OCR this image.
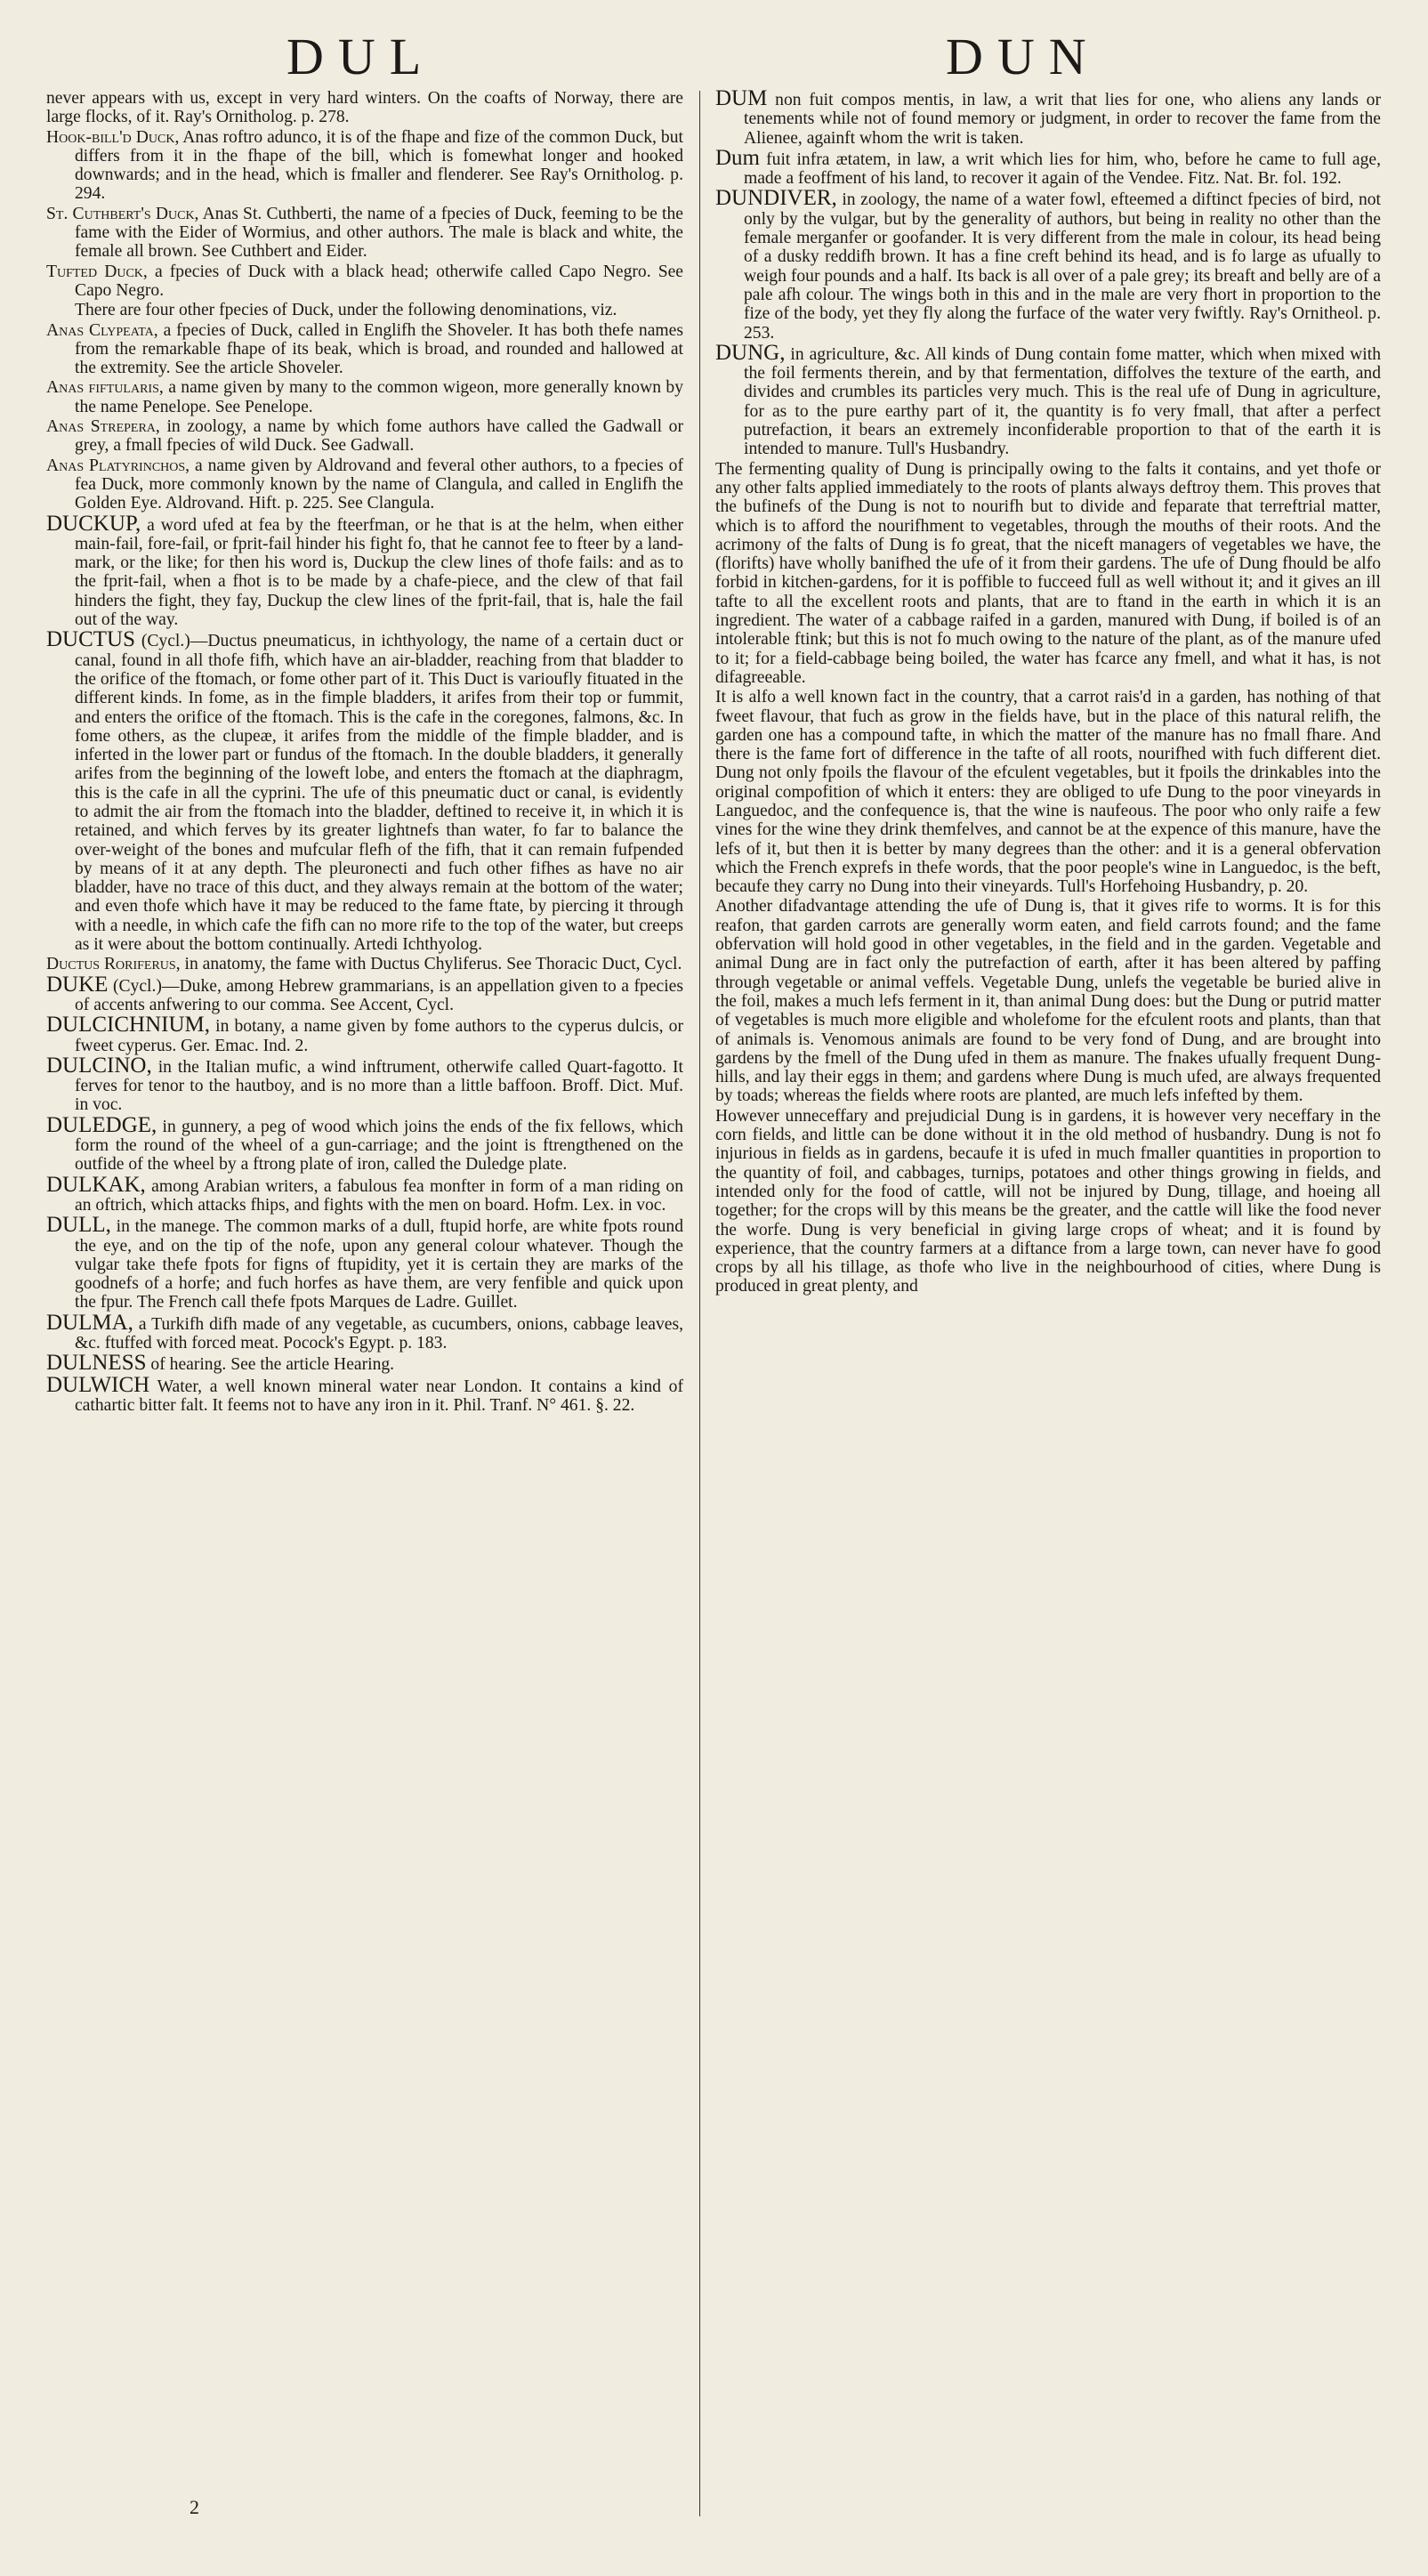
DUL	DUN

never appears with us, except in very hard winters. On the coafts of Norway, there are large flocks, of it. Ray's Ornitholog. p. 278.

Hook-bill'd Duck, Anas roftro adunco, it is of the fhape and fize of the common Duck, but differs from it in the fhape of the bill, which is fomewhat longer and hooked downwards; and in the head, which is fmaller and flenderer. See Ray's Ornitholog. p. 294.

St. Cuthbert's Duck, Anas St. Cuthberti, the name of a fpecies of Duck, feeming to be the fame with the Eider of Wormius, and other authors. The male is black and white, the female all brown. See Cuthbert and Eider.

Tufted Duck, a fpecies of Duck with a black head; otherwife called Capo Negro. See Capo Negro.

There are four other fpecies of Duck, under the following denominations, viz.

Anas Clypeata, a fpecies of Duck, called in Englifh the Shoveler. It has both thefe names from the remarkable fhape of its beak, which is broad, and rounded and hallowed at the extremity. See the article Shoveler.

Anas fiftularis, a name given by many to the common wigeon, more generally known by the name Penelope. See Penelope.

Anas Strepera, in zoology, a name by which fome authors have called the Gadwall or grey, a fmall fpecies of wild Duck. See Gadwall.

Anas Platyrinchos, a name given by Aldrovand and feveral other authors, to a fpecies of fea Duck, more commonly known by the name of Clangula, and called in Englifh the Golden Eye. Aldrovand. Hift. p. 225. See Clangula.

DUCKUP, a word ufed at fea by the fteerfman, or he that is at the helm, when either main-fail, fore-fail, or fprit-fail hinder his fight fo, that he cannot fee to fteer by a land-mark, or the like; for then his word is, Duckup the clew lines of thofe fails: and as to the fprit-fail, when a fhot is to be made by a chafe-piece, and the clew of that fail hinders the fight, they fay, Duckup the clew lines of the fprit-fail, that is, hale the fail out of the way.

DUCTUS (Cycl.)—Ductus pneumaticus, in ichthyology, the name of a certain duct or canal, found in all thofe fifh, which have an air-bladder, reaching from that bladder to the orifice of the ftomach, or fome other part of it. This Duct is varioufly fituated in the different kinds. In fome, as in the fimple bladders, it arifes from their top or fummit, and enters the orifice of the ftomach. This is the cafe in the coregones, falmons, &c. In fome others, as the clupeæ, it arifes from the middle of the fimple bladder, and is inferted in the lower part or fundus of the ftomach. In the double bladders, it generally arifes from the beginning of the loweft lobe, and enters the ftomach at the diaphragm, this is the cafe in all the cyprini. The ufe of this pneumatic duct or canal, is evidently to admit the air from the ftomach into the bladder, deftined to receive it, in which it is retained, and which ferves by its greater lightnefs than water, fo far to balance the over-weight of the bones and mufcular flefh of the fifh, that it can remain fufpended by means of it at any depth. The pleuronecti and fuch other fifhes as have no air bladder, have no trace of this duct, and they always remain at the bottom of the water; and even thofe which have it may be reduced to the fame ftate, by piercing it through with a needle, in which cafe the fifh can no more rife to the top of the water, but creeps as it were about the bottom continually. Artedi Ichthyolog.

Ductus Roriferus, in anatomy, the fame with Ductus Chyliferus. See Thoracic Duct, Cycl.

DUKE (Cycl.)—Duke, among Hebrew grammarians, is an appellation given to a fpecies of accents anfwering to our comma. See Accent, Cycl.

DULCICHNIUM, in botany, a name given by fome authors to the cyperus dulcis, or fweet cyperus. Ger. Emac. Ind. 2.

DULCINO, in the Italian mufic, a wind inftrument, otherwife called Quart-fagotto. It ferves for tenor to the hautboy, and is no more than a little baffoon. Broff. Dict. Muf. in voc.

DULEDGE, in gunnery, a peg of wood which joins the ends of the fix fellows, which form the round of the wheel of a gun-carriage; and the joint is ftrengthened on the outfide of the wheel by a ftrong plate of iron, called the Duledge plate.

DULKAK, among Arabian writers, a fabulous fea monfter in form of a man riding on an oftrich, which attacks fhips, and fights with the men on board. Hofm. Lex. in voc.

DULL, in the manege. The common marks of a dull, ftupid horfe, are white fpots round the eye, and on the tip of the nofe, upon any general colour whatever. Though the vulgar take thefe fpots for figns of ftupidity, yet it is certain they are marks of the goodnefs of a horfe; and fuch horfes as have them, are very fenfible and quick upon the fpur. The French call thefe fpots Marques de Ladre. Guillet.

DULMA, a Turkifh difh made of any vegetable, as cucumbers, onions, cabbage leaves, &c. ftuffed with forced meat. Pocock's Egypt. p. 183.

DULNESS of hearing. See the article Hearing.

DULWICH Water, a well known mineral water near London. It contains a kind of cathartic bitter falt. It feems not to have any iron in it. Phil. Tranf. N° 461. §. 22.

DUM non fuit compos mentis, in law, a writ that lies for one, who aliens any lands or tenements while not of found memory or judgment, in order to recover the fame from the Alienee, againft whom the writ is taken.

Dum fuit infra ætatem, in law, a writ which lies for him, who, before he came to full age, made a feoffment of his land, to recover it again of the Vendee. Fitz. Nat. Br. fol. 192.

DUNDIVER, in zoology, the name of a water fowl, efteemed a diftinct fpecies of bird, not only by the vulgar, but by the generality of authors, but being in reality no other than the female merganfer or goofander. It is very different from the male in colour, its head being of a dusky reddifh brown. It has a fine creft behind its head, and is fo large as ufually to weigh four pounds and a half. Its back is all over of a pale grey; its breaft and belly are of a pale afh colour. The wings both in this and in the male are very fhort in proportion to the fize of the body, yet they fly along the furface of the water very fwiftly. Ray's Ornitheol. p. 253.

DUNG, in agriculture, &c. All kinds of Dung contain fome matter, which when mixed with the foil ferments therein, and by that fermentation, diffolves the texture of the earth, and divides and crumbles its particles very much. This is the real ufe of Dung in agriculture, for as to the pure earthy part of it, the quantity is fo very fmall, that after a perfect putrefaction, it bears an extremely inconfiderable proportion to that of the earth it is intended to manure. Tull's Husbandry.

The fermenting quality of Dung is principally owing to the falts it contains, and yet thofe or any other falts applied immediately to the roots of plants always deftroy them. This proves that the bufinefs of the Dung is not to nourifh but to divide and feparate that terreftrial matter, which is to afford the nourifhment to vegetables, through the mouths of their roots. And the acrimony of the falts of Dung is fo great, that the niceft managers of vegetables we have, the (florifts) have wholly banifhed the ufe of it from their gardens. The ufe of Dung fhould be alfo forbid in kitchen-gardens, for it is poffible to fucceed full as well without it; and it gives an ill tafte to all the excellent roots and plants, that are to ftand in the earth in which it is an ingredient. The water of a cabbage raifed in a garden, manured with Dung, if boiled is of an intolerable ftink; but this is not fo much owing to the nature of the plant, as of the manure ufed to it; for a field-cabbage being boiled, the water has fcarce any fmell, and what it has, is not difagreeable.

It is alfo a well known fact in the country, that a carrot rais'd in a garden, has nothing of that fweet flavour, that fuch as grow in the fields have, but in the place of this natural relifh, the garden one has a compound tafte, in which the matter of the manure has no fmall fhare. And there is the fame fort of difference in the tafte of all roots, nourifhed with fuch different diet. Dung not only fpoils the flavour of the efculent vegetables, but it fpoils the drinkables into the original compofition of which it enters: they are obliged to ufe Dung to the poor vineyards in Languedoc, and the confequence is, that the wine is naufeous. The poor who only raife a few vines for the wine they drink themfelves, and cannot be at the expence of this manure, have the lefs of it, but then it is better by many degrees than the other: and it is a general obfervation which the French exprefs in thefe words, that the poor people's wine in Languedoc, is the beft, becaufe they carry no Dung into their vineyards. Tull's Horfehoing Husbandry, p. 20.

Another difadvantage attending the ufe of Dung is, that it gives rife to worms. It is for this reafon, that garden carrots are generally worm eaten, and field carrots found; and the fame obfervation will hold good in other vegetables, in the field and in the garden. Vegetable and animal Dung are in fact only the putrefaction of earth, after it has been altered by paffing through vegetable or animal veffels. Vegetable Dung, unlefs the vegetable be buried alive in the foil, makes a much lefs ferment in it, than animal Dung does: but the Dung or putrid matter of vegetables is much more eligible and wholefome for the efculent roots and plants, than that of animals is. Venomous animals are found to be very fond of Dung, and are brought into gardens by the fmell of the Dung ufed in them as manure. The fnakes ufually frequent Dung-hills, and lay their eggs in them; and gardens where Dung is much ufed, are always frequented by toads; whereas the fields where roots are planted, are much lefs infefted by them.

However unneceffary and prejudicial Dung is in gardens, it is however very neceffary in the corn fields, and little can be done without it in the old method of husbandry. Dung is not fo injurious in fields as in gardens, becaufe it is ufed in much fmaller quantities in proportion to the quantity of foil, and cabbages, turnips, potatoes and other things growing in fields, and intended only for the food of cattle, will not be injured by Dung, tillage, and hoeing all together; for the crops will by this means be the greater, and the cattle will like the food never the worfe. Dung is very beneficial in giving large crops of wheat; and it is found by experience, that the country farmers at a diftance from a large town, can never have fo good crops by all his tillage, as thofe who live in the neighbourhood of cities, where Dung is produced in great plenty, and

2
